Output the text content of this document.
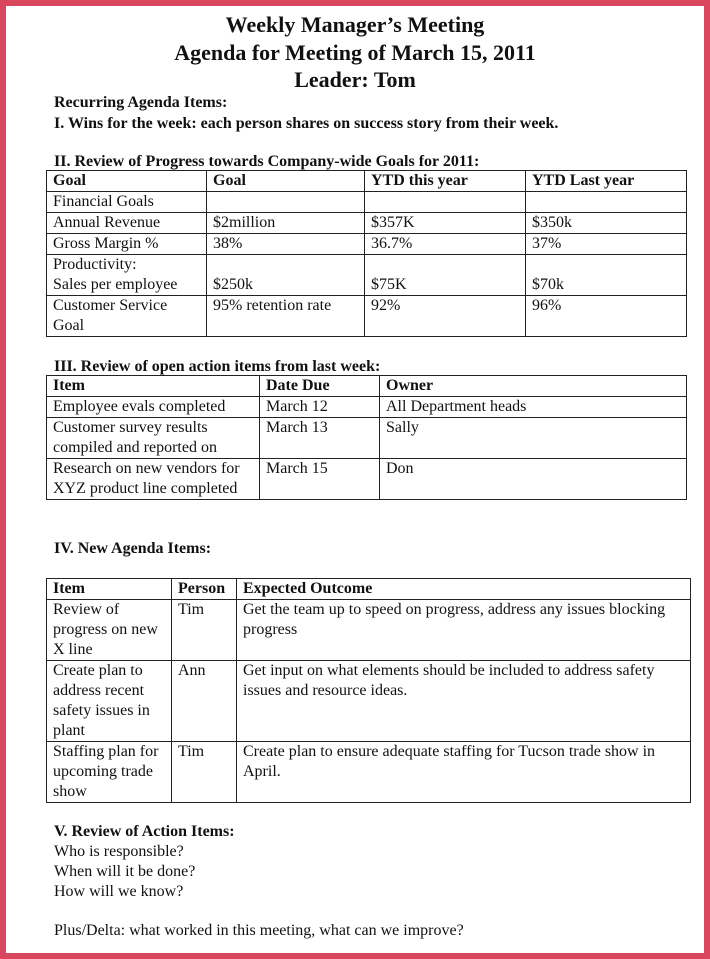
Weekly Manager’s Meeting
Agenda for Meeting of March 15, 2011
Leader: Tom
Recurring Agenda Items:
I. Wins for the week: each person shares on success story from their week.
II. Review of Progress towards Company-wide Goals for 2011:
Goal	Goal	YTD this year	YTD Last year
Financial Goals			
Annual Revenue	$2million	$357K	$350k
Gross Margin %	38%	36.7%	37%
Productivity:
Sales per employee	$250k	$75K	$70k
Customer Service Goal	95% retention rate	92%	96%
III. Review of open action items from last week:
Item	Date Due	Owner
Employee evals completed	March 12	All Department heads
Customer survey results compiled and reported on	March 13	Sally
Research on new vendors for XYZ product line completed	March 15	Don
IV. New Agenda Items:
Item	Person	Expected Outcome
Review of progress on new X line	Tim	Get the team up to speed on progress, address any issues blocking progress
Create plan to address recent safety issues in plant	Ann	Get input on what elements should be included to address safety issues and resource ideas.
Staffing plan for upcoming trade show	Tim	Create plan to ensure adequate staffing for Tucson trade show in April.
V. Review of Action Items:
Who is responsible?
When will it be done?
How will we know?
Plus/Delta: what worked in this meeting, what can we improve?
